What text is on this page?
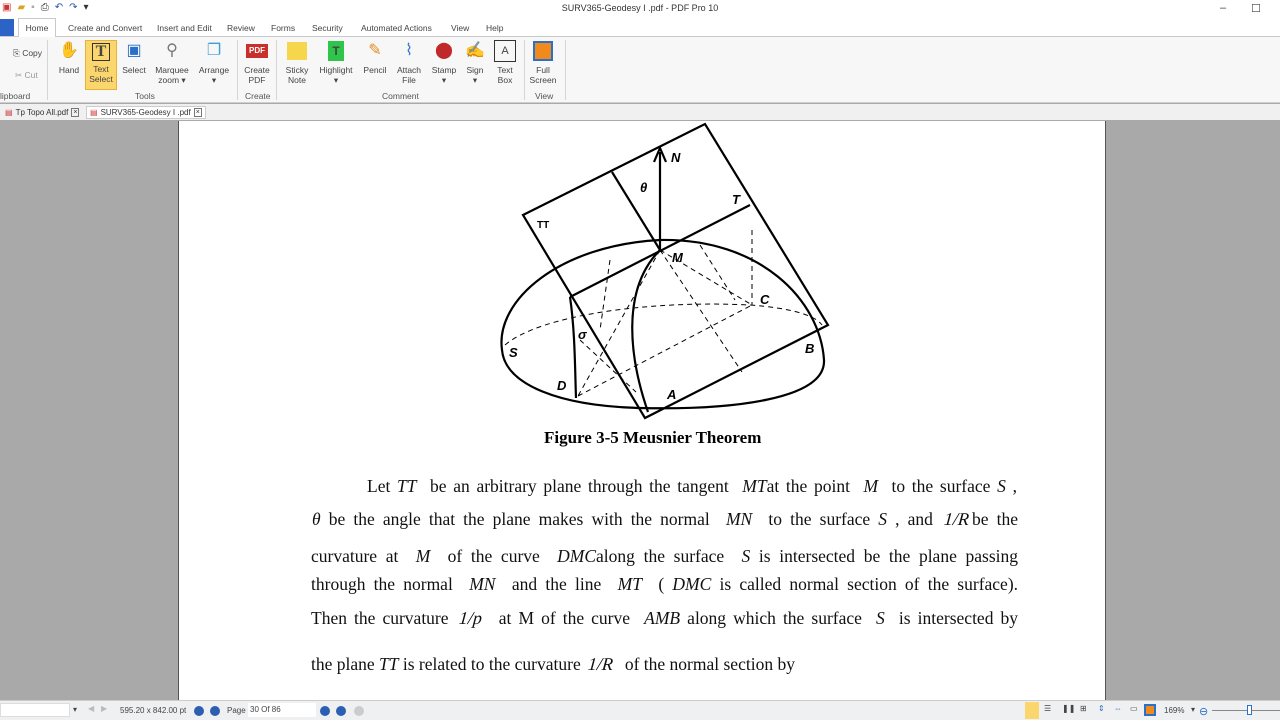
▣ ▰ ▪ ⎙ ↶ ↷ ▾	SURV365-Geodesy I .pdf - PDF Pro 10	– ☐
Home	Create and Convert Insert and Edit Review Forms Security Automated Actions View Help
⎘ Copy
✂ Cut
lipboard
✋
Hand
T
Text
Select
▣
Select
⚲
Marquee
zoom ▾
❐
Arrange
▾
Tools
PDF
Create
PDF
Create
Sticky
Note
T
Highlight
▾
✎
Pencil
⌇
Attach
File
⬤
Stamp
▾
✍
Sign
▾
A
Text
Box
Comment
Full
Screen
View
▤ Tp Topo All.pdf × ▤ SURV365-Geodesy I .pdf ×
N
θ
TT
T
M
C
S	B
D
A
σ
Figure 3-5 Meusnier Theorem
Let TT  be an arbitrary plane through the tangent  MTat the point  M  to the surface S ,
θ be the angle that the plane makes with the normal  MN  to the surface S , and 1/R be the
curvature at  M  of the curve  DMCalong the surface  S is intersected be the plane passing
through the normal  MN  and the line  MT  ( DMC is called normal section of the surface).
Then the curvature 1/p  at M of the curve  AMB along which the surface  S  is intersected by
the plane TT is related to the curvature 1/R  of the normal section by
▾ ◀ ▶ 595.20 x 842.00 pt	Page 30 Of 86	☰ ❚❚ ⊞ ⇕ ⇔ ▭	169% ▾ ⊖
